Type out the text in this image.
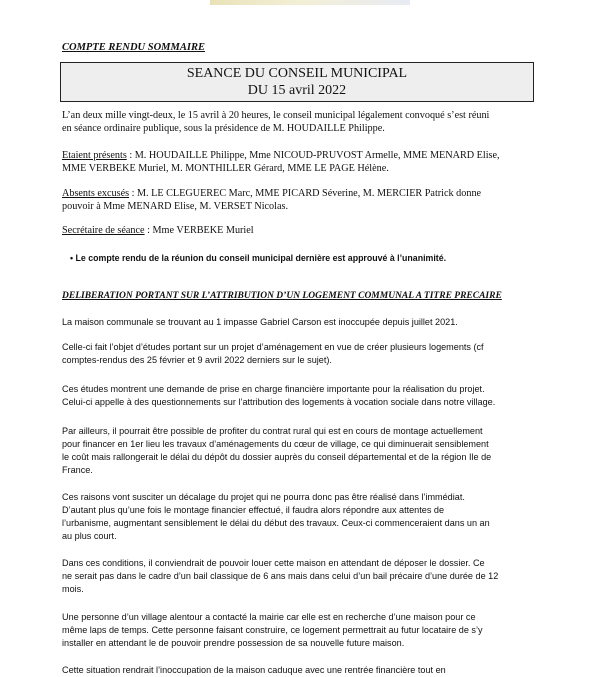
COMPTE RENDU SOMMAIRE
SEANCE DU CONSEIL MUNICIPAL
DU 15 avril 2022
L’an deux mille vingt-deux, le 15 avril à 20 heures, le conseil municipal légalement convoqué s’est réuni
en séance ordinaire publique, sous la présidence de M. HOUDAILLE Philippe.
Etaient présents : M. HOUDAILLE Philippe, Mme NICOUD-PRUVOST Armelle, MME MENARD Elise,
MME VERBEKE Muriel, M. MONTHILLER Gérard, MME LE PAGE Hélène.
Absents excusés : M. LE CLEGUEREC Marc, MME PICARD Séverine, M. MERCIER Patrick donne
pouvoir à Mme MENARD Elise, M. VERSET Nicolas.
Secrétaire de séance : Mme VERBEKE Muriel
• Le compte rendu de la réunion du conseil municipal dernière est approuvé à l’unanimité.
DELIBERATION PORTANT SUR L’ATTRIBUTION D’UN LOGEMENT COMMUNAL A TITRE PRECAIRE
La maison communale se trouvant au 1 impasse Gabriel Carson est inoccupée depuis juillet 2021.
Celle-ci fait l’objet d’études portant sur un projet d’aménagement en vue de créer plusieurs logements (cf
comptes-rendus des 25 février et 9 avril 2022 derniers sur le sujet).
Ces études montrent une demande de prise en charge financière importante pour la réalisation du projet.
Celui-ci appelle à des questionnements sur l’attribution des logements à vocation sociale dans notre village.
Par ailleurs, il pourrait être possible de profiter du contrat rural qui est en cours de montage actuellement
pour financer en 1er lieu les travaux d’aménagements du cœur de village, ce qui diminuerait sensiblement
le coût mais rallongerait le délai du dépôt du dossier auprès du conseil départemental et de la région Ile de
France.
Ces raisons vont susciter un décalage du projet qui ne pourra donc pas être réalisé dans l’immédiat.
D’autant plus qu’une fois le montage financier effectué, il faudra alors répondre aux attentes de
l’urbanisme, augmentant sensiblement le délai du début des travaux. Ceux-ci commenceraient dans un an
au plus court.
Dans ces conditions, il conviendrait de pouvoir louer cette maison en attendant de déposer le dossier. Ce
ne serait pas dans le cadre d’un bail classique de 6 ans mais dans celui d’un bail précaire d’une durée de 12
mois.
Une personne d’un village alentour a contacté la mairie car elle est en recherche d’une maison pour ce
même laps de temps. Cette personne faisant construire, ce logement permettrait au futur locataire de s’y
installer en attendant le de pouvoir prendre possession de sa nouvelle future maison.
Cette situation rendrait l’inoccupation de la maison caduque avec une rentrée financière tout en
